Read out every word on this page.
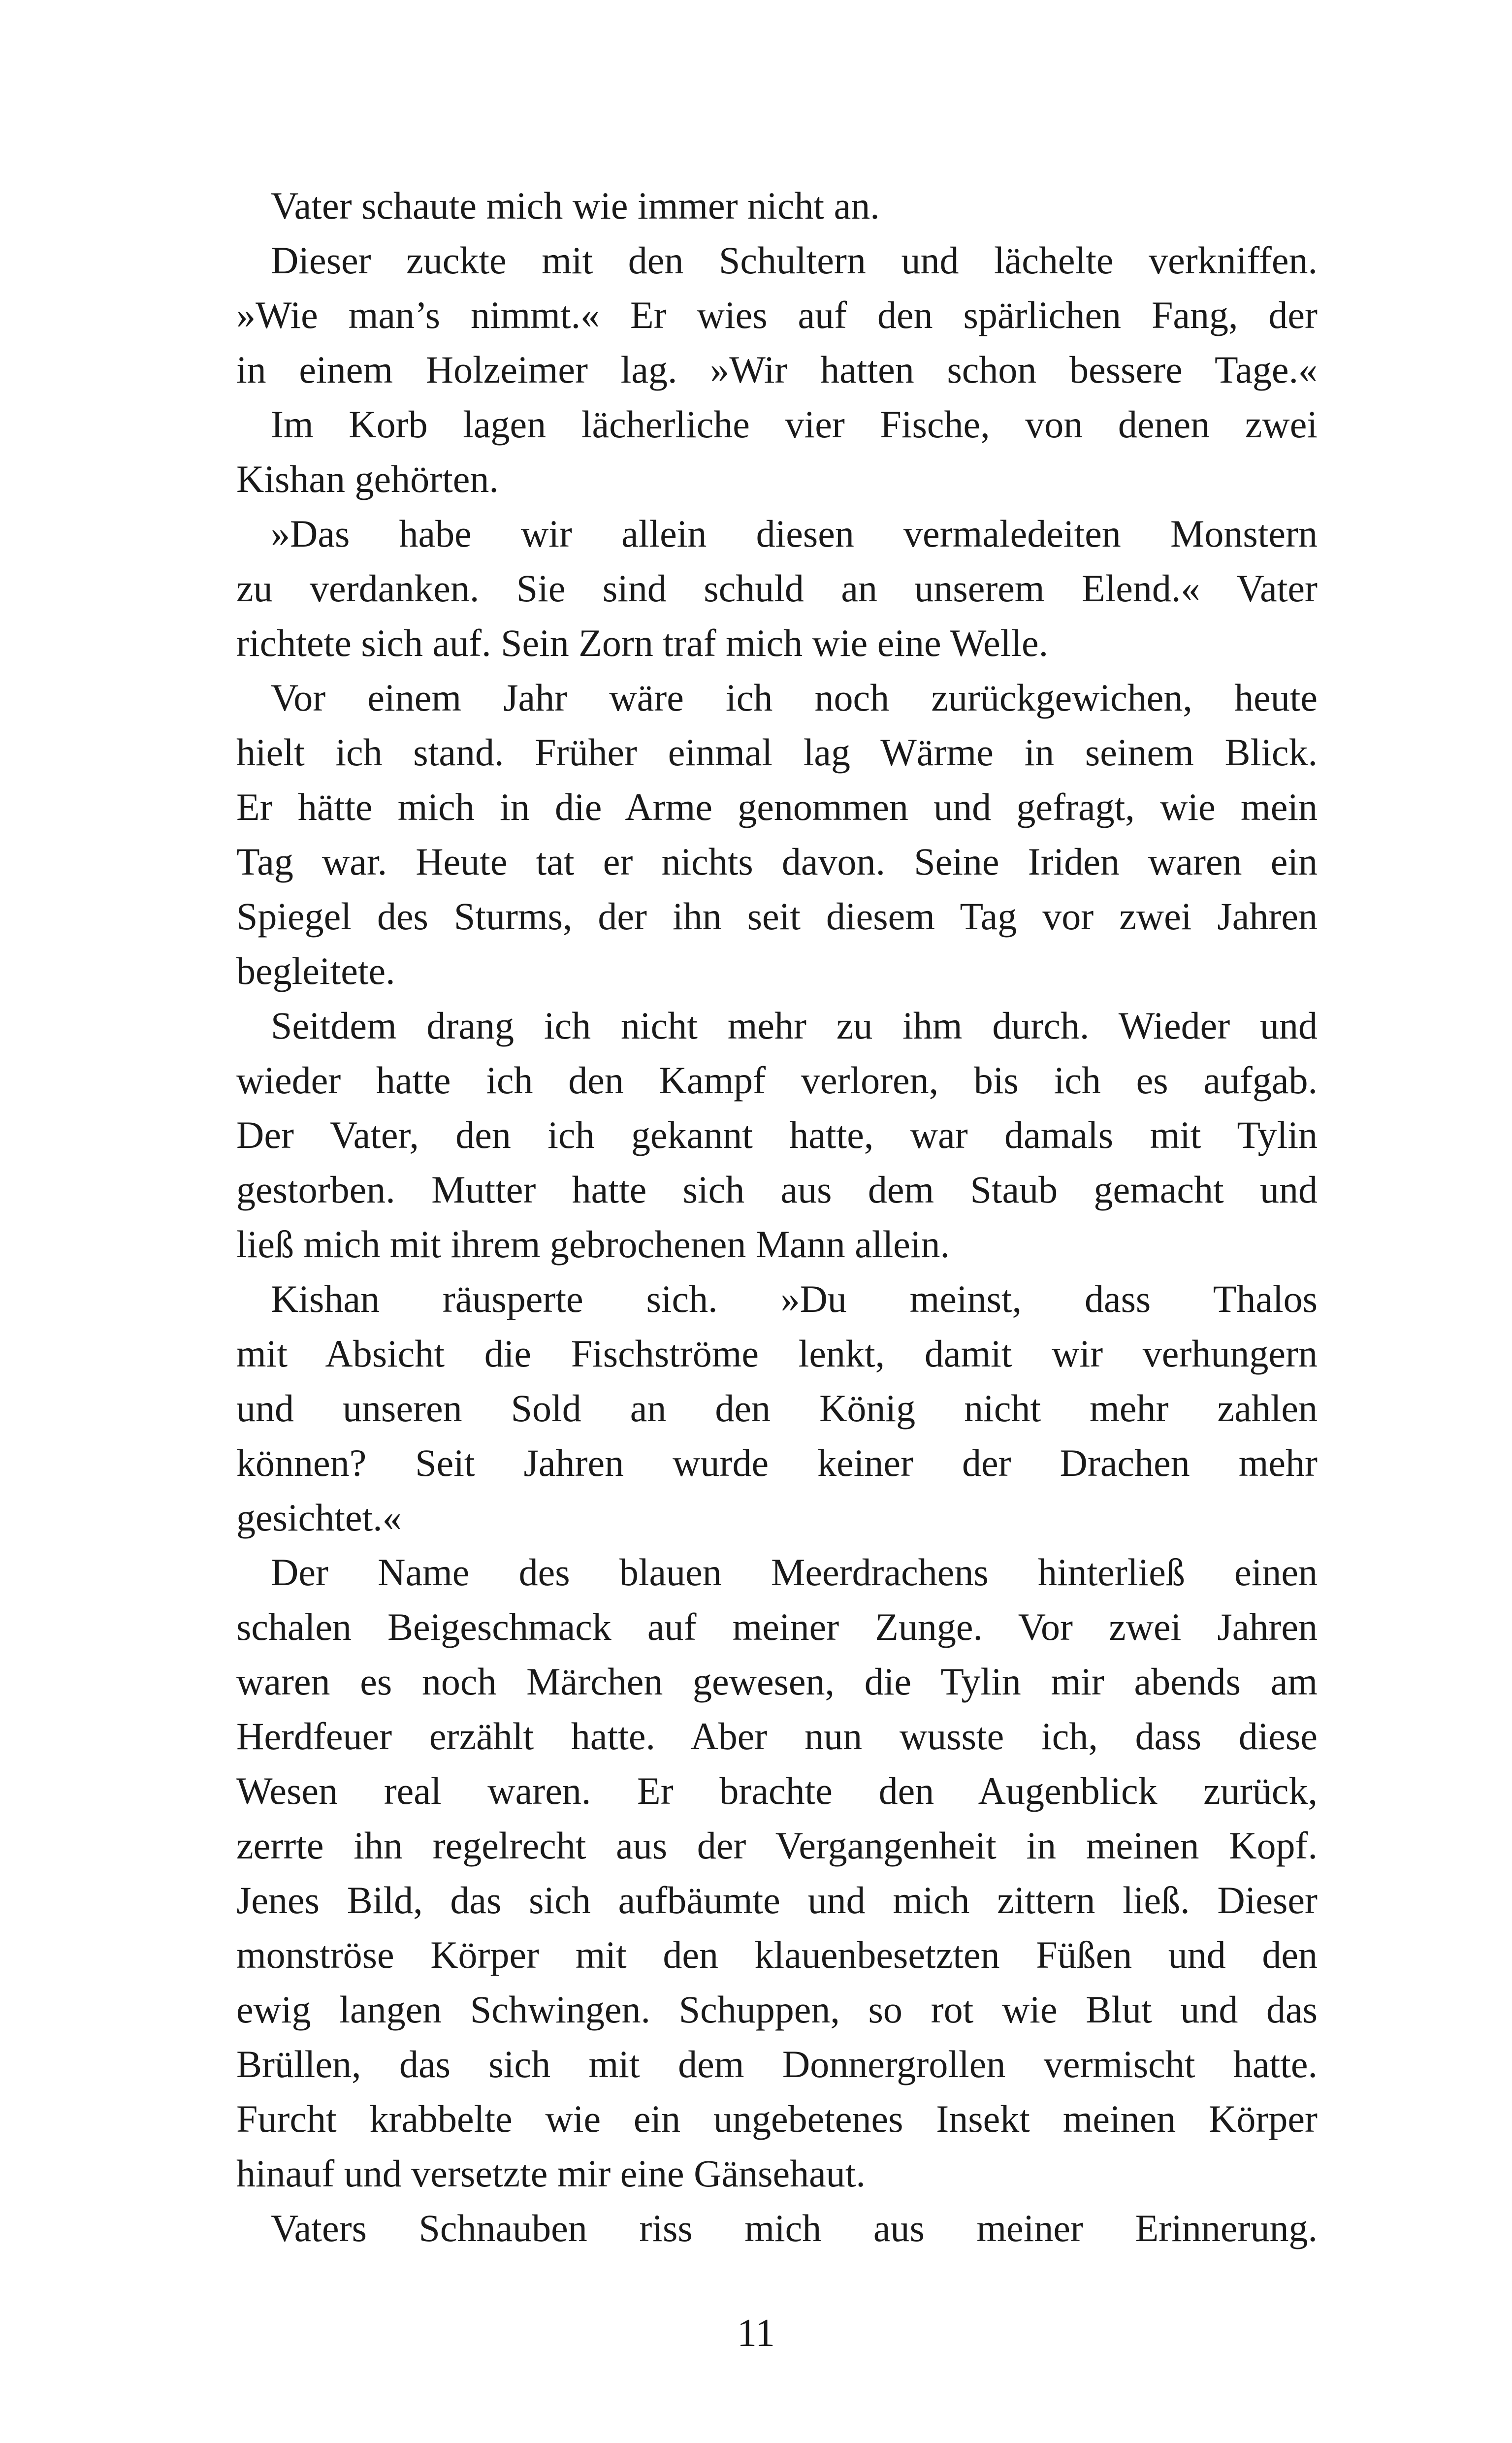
Vater schaute mich wie immer nicht an.
Dieser zuckte mit den Schultern und lächelte verkniffen.
»Wie man’s nimmt.« Er wies auf den spärlichen Fang, der
in einem Holzeimer lag. »Wir hatten schon bessere Tage.«
Im Korb lagen lächerliche vier Fische, von denen zwei
Kishan gehörten.
»Das habe wir allein diesen vermaledeiten Monstern
zu verdanken. Sie sind schuld an unserem Elend.« Vater
richtete sich auf. Sein Zorn traf mich wie eine Welle.
Vor einem Jahr wäre ich noch zurückgewichen, heute
hielt ich stand. Früher einmal lag Wärme in seinem Blick.
Er hätte mich in die Arme genommen und gefragt, wie mein
Tag war. Heute tat er nichts davon. Seine Iriden waren ein
Spiegel des Sturms, der ihn seit diesem Tag vor zwei Jahren
begleitete.
Seitdem drang ich nicht mehr zu ihm durch. Wieder und
wieder hatte ich den Kampf verloren, bis ich es aufgab.
Der Vater, den ich gekannt hatte, war damals mit Tylin
gestorben. Mutter hatte sich aus dem Staub gemacht und
ließ mich mit ihrem gebrochenen Mann allein.
Kishan räusperte sich. »Du meinst, dass Thalos
mit Absicht die Fischströme lenkt, damit wir verhungern
und unseren Sold an den König nicht mehr zahlen
können? Seit Jahren wurde keiner der Drachen mehr
gesichtet.«
Der Name des blauen Meerdrachens hinterließ einen
schalen Beigeschmack auf meiner Zunge. Vor zwei Jahren
waren es noch Märchen gewesen, die Tylin mir abends am
Herdfeuer erzählt hatte. Aber nun wusste ich, dass diese
Wesen real waren. Er brachte den Augenblick zurück,
zerrte ihn regelrecht aus der Vergangenheit in meinen Kopf.
Jenes Bild, das sich aufbäumte und mich zittern ließ. Dieser
monströse Körper mit den klauenbesetzten Füßen und den
ewig langen Schwingen. Schuppen, so rot wie Blut und das
Brüllen, das sich mit dem Donnergrollen vermischt hatte.
Furcht krabbelte wie ein ungebetenes Insekt meinen Körper
hinauf und versetzte mir eine Gänsehaut.
Vaters Schnauben riss mich aus meiner Erinnerung.
11
